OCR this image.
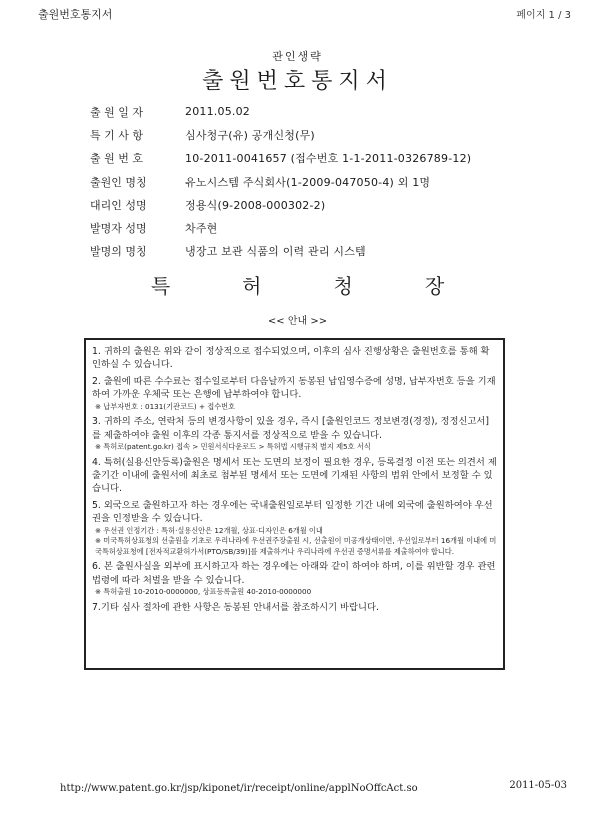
출원번호통지서	페이지 1 / 3
관인생략
출원번호통지서
출 원 일 자	2011.05.02
특 기 사 항	심사청구(유) 공개신청(무)
출 원 번 호	10-2011-0041657 (접수번호 1-1-2011-0326789-12)
출원인 명칭	유노시스템 주식회사(1-2009-047050-4) 외 1명
대리인 성명	정용식(9-2008-000302-2)
발명자 성명	차주현
발명의 명칭	냉장고 보관 식품의 이력 관리 시스템
특	허	청	장
<< 안내 >>
1. 귀하의 출원은 위와 같이 정상적으로 접수되었으며, 이후의 심사 진행상황은 출원번호를 통해 확인하실 수 있습니다.
2. 출원에 따른 수수료는 접수일로부터 다음날까지 동봉된 납입영수증에 성명, 납부자번호 등을 기재하여 가까운 우체국 또는 은행에 납부하여야 합니다.
※ 납부자번호 : 0131(기관코드) + 접수번호
3. 귀하의 주소, 연락처 등의 변경사항이 있을 경우, 즉시 [출원인코드 정보변경(경정), 정정신고서]를 제출하여야 출원 이후의 각종 통지서를 정상적으로 받을 수 있습니다.
※ 특허로(patent.go.kr) 접속 > 민원서식다운로드 > 특허법 시행규칙 별지 제5호 서식
4. 특허(실용신안등록)출원은 명세서 또는 도면의 보정이 필요한 경우, 등록결정 이전 또는 의견서 제출기간 이내에 출원서에 최초로 첨부된 명세서 또는 도면에 기재된 사항의 범위 안에서 보정할 수 있습니다.
5. 외국으로 출원하고자 하는 경우에는 국내출원일로부터 일정한 기간 내에 외국에 출원하여야 우선권을 인정받을 수 있습니다.
※ 우선권 인정기간 : 특허·실용신안은 12개월, 상표·디자인은 6개월 이내
※ 미국특허상표청의 선출원을 기초로 우리나라에 우선권주장출원 시, 선출원이 미공개상태이면, 우선일로부터 16개월 이내에 미국특허상표청에 [전자적교환허가서(PTO/SB/39)]를 제출하거나 우리나라에 우선권 증명서류를 제출하여야 합니다.
6. 본 출원사실을 외부에 표시하고자 하는 경우에는 아래와 같이 하여야 하며, 이를 위반할 경우 관련법령에 따라 처벌을 받을 수 있습니다.
※ 특허출원 10-2010-0000000, 상표등록출원 40-2010-0000000
7.기타 심사 절차에 관한 사항은 동봉된 안내서를 참조하시기 바랍니다.
http://www.patent.go.kr/jsp/kiponet/ir/receipt/online/applNoOffcAct.so	2011-05-03
